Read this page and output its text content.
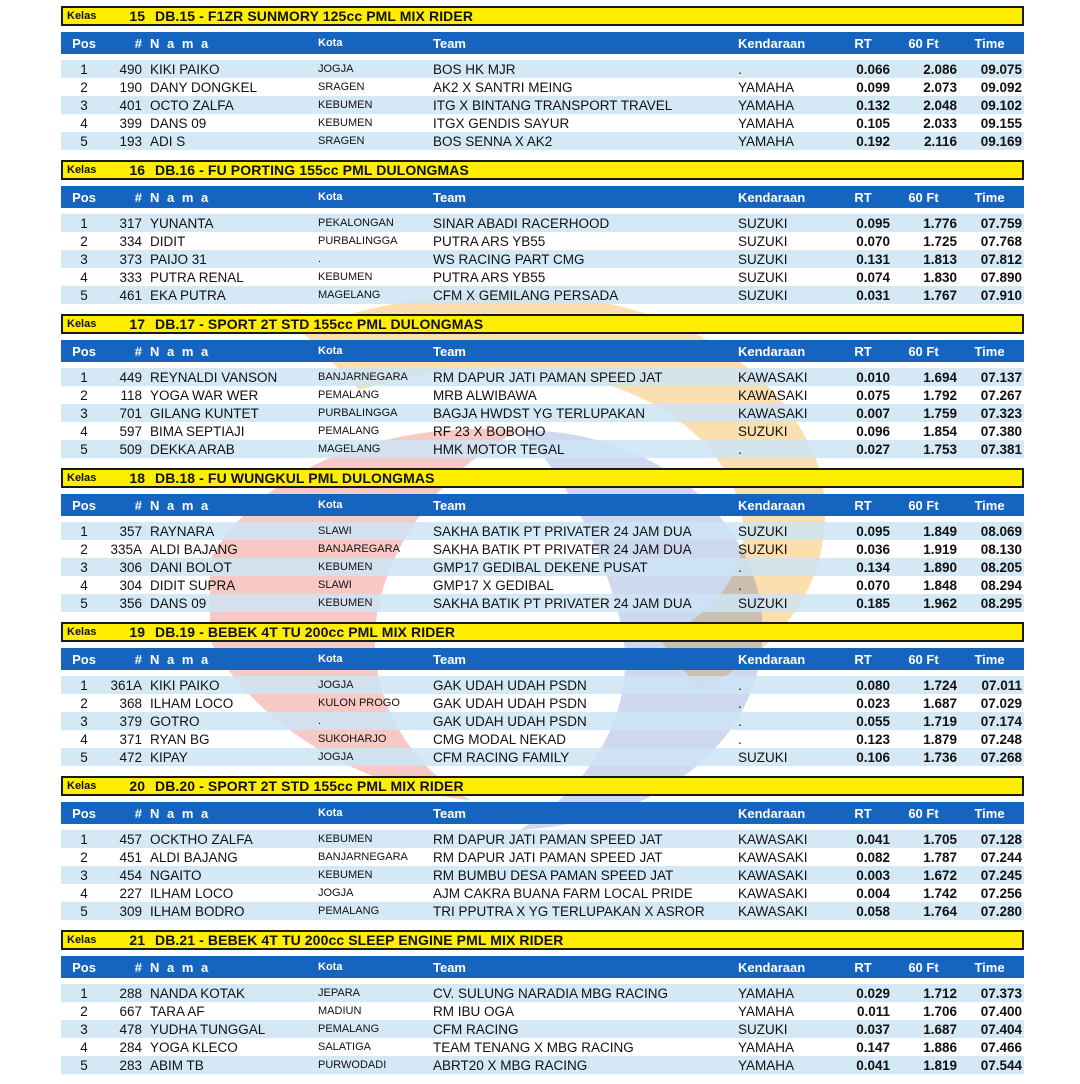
Kelas	15 DB.15 - F1ZR SUNMORY 125cc PML MIX RIDER
Pos	# N a m a	Kota	Team	Kendaraan	RT	60 Ft	Time
1	490 KIKI PAIKO	JOGJA	BOS HK MJR	.	0.066	2.086	09.075
2	190 DANY DONGKEL	SRAGEN	AK2 X SANTRI MEING	YAMAHA	0.099	2.073	09.092
3	401 OCTO ZALFA	KEBUMEN	ITG X BINTANG TRANSPORT TRAVEL	YAMAHA	0.132	2.048	09.102
4	399 DANS 09	KEBUMEN	ITGX GENDIS SAYUR	YAMAHA	0.105	2.033	09.155
5	193 ADI S	SRAGEN	BOS SENNA X AK2	YAMAHA	0.192	2.116	09.169
Kelas	16 DB.16 - FU PORTING 155cc PML DULONGMAS
Pos	# N a m a	Kota	Team	Kendaraan	RT	60 Ft	Time
1	317 YUNANTA	PEKALONGAN	SINAR ABADI RACERHOOD	SUZUKI	0.095	1.776	07.759
2	334 DIDIT	PURBALINGGA	PUTRA ARS YB55	SUZUKI	0.070	1.725	07.768
3	373 PAIJO 31	.	WS RACING PART CMG	SUZUKI	0.131	1.813	07.812
4	333 PUTRA RENAL	KEBUMEN	PUTRA ARS YB55	SUZUKI	0.074	1.830	07.890
5	461 EKA PUTRA	MAGELANG	CFM X GEMILANG PERSADA	SUZUKI	0.031	1.767	07.910
Kelas	17 DB.17 - SPORT 2T STD 155cc PML DULONGMAS
Pos	# N a m a	Kota	Team	Kendaraan	RT	60 Ft	Time
1	449 REYNALDI VANSON	BANJARNEGARA	RM DAPUR JATI PAMAN SPEED JAT	KAWASAKI	0.010	1.694	07.137
2	118 YOGA WAR WER	PEMALANG	MRB ALWIBAWA	KAWASAKI	0.075	1.792	07.267
3	701 GILANG KUNTET	PURBALINGGA	BAGJA HWDST YG TERLUPAKAN	KAWASAKI	0.007	1.759	07.323
4	597 BIMA SEPTIAJI	PEMALANG	RF 23 X BOBOHO	SUZUKI	0.096	1.854	07.380
5	509 DEKKA ARAB	MAGELANG	HMK MOTOR TEGAL	.	0.027	1.753	07.381
Kelas	18 DB.18 - FU WUNGKUL PML DULONGMAS
Pos	# N a m a	Kota	Team	Kendaraan	RT	60 Ft	Time
1	357 RAYNARA	SLAWI	SAKHA BATIK PT PRIVATER 24 JAM DUA	SUZUKI	0.095	1.849	08.069
2	335A ALDI BAJANG	BANJAREGARA	SAKHA BATIK PT PRIVATER 24 JAM DUA	SUZUKI	0.036	1.919	08.130
3	306 DANI BOLOT	KEBUMEN	GMP17 GEDIBAL DEKENE PUSAT	.	0.134	1.890	08.205
4	304 DIDIT SUPRA	SLAWI	GMP17 X GEDIBAL	.	0.070	1.848	08.294
5	356 DANS 09	KEBUMEN	SAKHA BATIK PT PRIVATER 24 JAM DUA	SUZUKI	0.185	1.962	08.295
Kelas	19 DB.19 - BEBEK 4T TU 200cc PML MIX RIDER
Pos	# N a m a	Kota	Team	Kendaraan	RT	60 Ft	Time
1	361A KIKI PAIKO	JOGJA	GAK UDAH UDAH PSDN	.	0.080	1.724	07.011
2	368 ILHAM LOCO	KULON PROGO	GAK UDAH UDAH PSDN	.	0.023	1.687	07.029
3	379 GOTRO	.	GAK UDAH UDAH PSDN	.	0.055	1.719	07.174
4	371 RYAN BG	SUKOHARJO	CMG MODAL NEKAD	.	0.123	1.879	07.248
5	472 KIPAY	JOGJA	CFM RACING FAMILY	SUZUKI	0.106	1.736	07.268
Kelas	20 DB.20 - SPORT 2T STD 155cc PML MIX RIDER
Pos	# N a m a	Kota	Team	Kendaraan	RT	60 Ft	Time
1	457 OCKTHO ZALFA	KEBUMEN	RM DAPUR JATI PAMAN SPEED JAT	KAWASAKI	0.041	1.705	07.128
2	451 ALDI BAJANG	BANJARNEGARA	RM DAPUR JATI PAMAN SPEED JAT	KAWASAKI	0.082	1.787	07.244
3	454 NGAITO	KEBUMEN	RM BUMBU DESA PAMAN SPEED JAT	KAWASAKI	0.003	1.672	07.245
4	227 ILHAM LOCO	JOGJA	AJM CAKRA BUANA FARM LOCAL PRIDE	KAWASAKI	0.004	1.742	07.256
5	309 ILHAM BODRO	PEMALANG	TRI PPUTRA X YG TERLUPAKAN X ASROR	KAWASAKI	0.058	1.764	07.280
Kelas	21 DB.21 - BEBEK 4T TU 200cc SLEEP ENGINE PML MIX RIDER
Pos	# N a m a	Kota	Team	Kendaraan	RT	60 Ft	Time
1	288 NANDA KOTAK	JEPARA	CV. SULUNG NARADIA MBG RACING	YAMAHA	0.029	1.712	07.373
2	667 TARA AF	MADIUN	RM IBU OGA	YAMAHA	0.011	1.706	07.400
3	478 YUDHA TUNGGAL	PEMALANG	CFM RACING	SUZUKI	0.037	1.687	07.404
4	284 YOGA KLECO	SALATIGA	TEAM TENANG X MBG RACING	YAMAHA	0.147	1.886	07.466
5	283 ABIM TB	PURWODADI	ABRT20 X MBG RACING	YAMAHA	0.041	1.819	07.544
